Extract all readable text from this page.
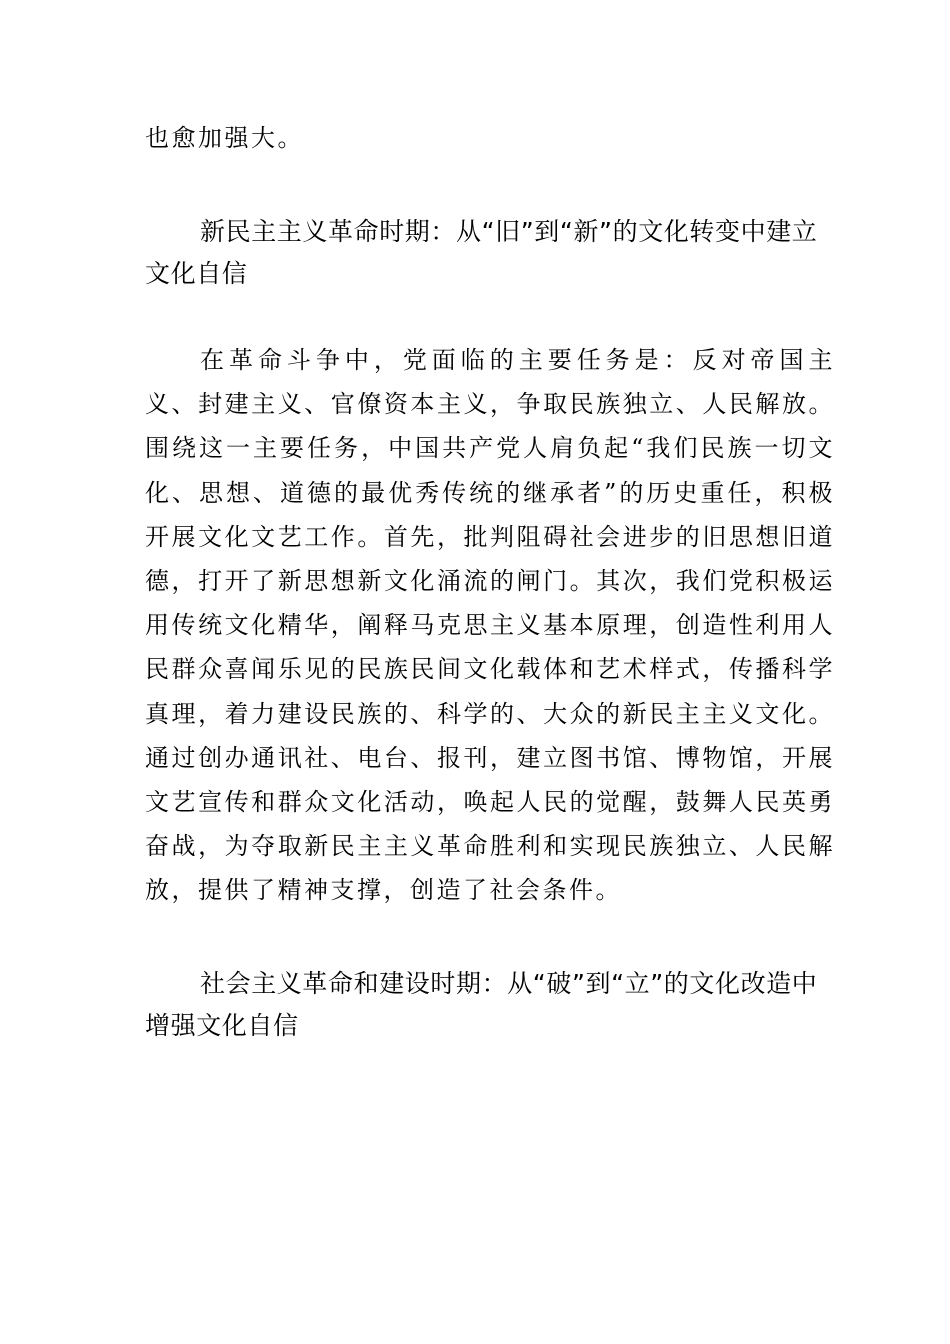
也愈加强大。

新民主主义革命时期：从“旧”到“新”的文化转变中建立文化自信

在革命斗争中，党面临的主要任务是：反对帝国主义、封建主义、官僚资本主义，争取民族独立、人民解放。围绕这一主要任务，中国共产党人肩负起“我们民族一切文化、思想、道德的最优秀传统的继承者”的历史重任，积极开展文化文艺工作。首先，批判阻碍社会进步的旧思想旧道德，打开了新思想新文化涌流的闸门。其次，我们党积极运用传统文化精华，阐释马克思主义基本原理，创造性利用人民群众喜闻乐见的民族民间文化载体和艺术样式，传播科学真理，着力建设民族的、科学的、大众的新民主主义文化。通过创办通讯社、电台、报刊，建立图书馆、博物馆，开展文艺宣传和群众文化活动，唤起人民的觉醒，鼓舞人民英勇奋战，为夺取新民主主义革命胜利和实现民族独立、人民解放，提供了精神支撑，创造了社会条件。

社会主义革命和建设时期：从“破”到“立”的文化改造中增强文化自信
